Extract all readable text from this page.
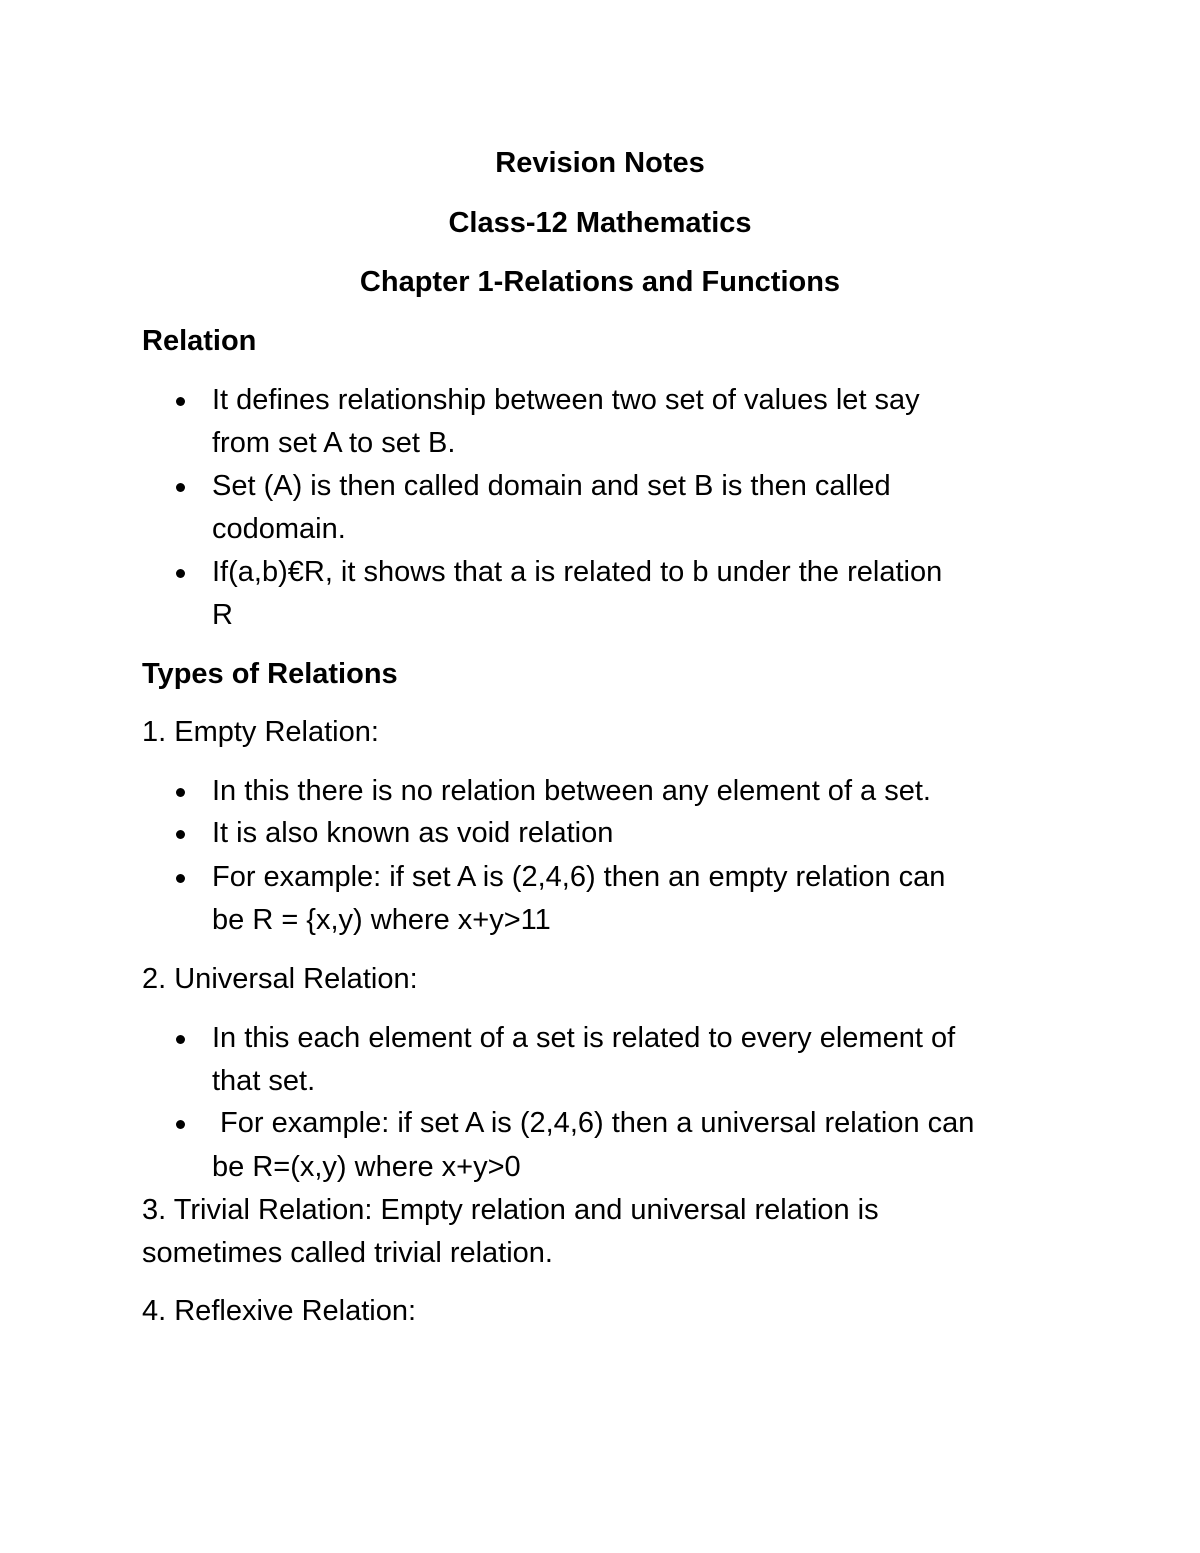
Revision Notes
Class-12 Mathematics
Chapter 1-Relations and Functions
Relation
It defines relationship between two set of values let say
from set A to set B.
Set (A) is then called domain and set B is then called
codomain.
If(a,b)€R, it shows that a is related to b under the relation
R
Types of Relations
1. Empty Relation:
In this there is no relation between any element of a set.
It is also known as void relation
For example: if set A is (2,4,6) then an empty relation can
be R = {x,y) where x+y>11
2. Universal Relation:
In this each element of a set is related to every element of
that set.
For example: if set A is (2,4,6) then a universal relation can
be R=(x,y) where x+y>0
3. Trivial Relation: Empty relation and universal relation is
sometimes called trivial relation.
4. Reflexive Relation:
